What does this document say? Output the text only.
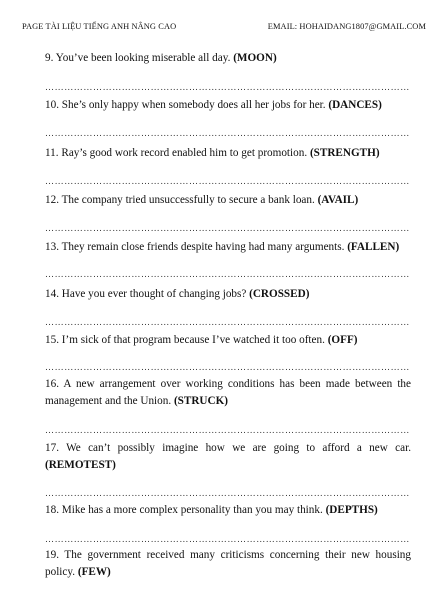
PAGE TÀI LIỆU TIẾNG ANH NÂNG CAO	EMAIL: HOHAIDANG1807@GMAIL.COM
9. You’ve been looking miserable all day. (MOON)
……………………………………………………………………………………………………
10. She’s only happy when somebody does all her jobs for her. (DANCES)
……………………………………………………………………………………………………
11. Ray’s good work record enabled him to get promotion. (STRENGTH)
……………………………………………………………………………………………………
12. The company tried unsuccessfully to secure a bank loan. (AVAIL)
……………………………………………………………………………………………………
13. They remain close friends despite having had many arguments. (FALLEN)
……………………………………………………………………………………………………
14. Have you ever thought of changing jobs? (CROSSED)
……………………………………………………………………………………………………
15. I’m sick of that program because I’ve watched it too often. (OFF)
……………………………………………………………………………………………………
16. A new arrangement over working conditions has been made between the management and the Union. (STRUCK)
……………………………………………………………………………………………………
17. We can’t possibly imagine how we are going to afford a new car. (REMOTEST)
……………………………………………………………………………………………………
18. Mike has a more complex personality than you may think. (DEPTHS)
……………………………………………………………………………………………………
19. The government received many criticisms concerning their new housing policy. (FEW)
